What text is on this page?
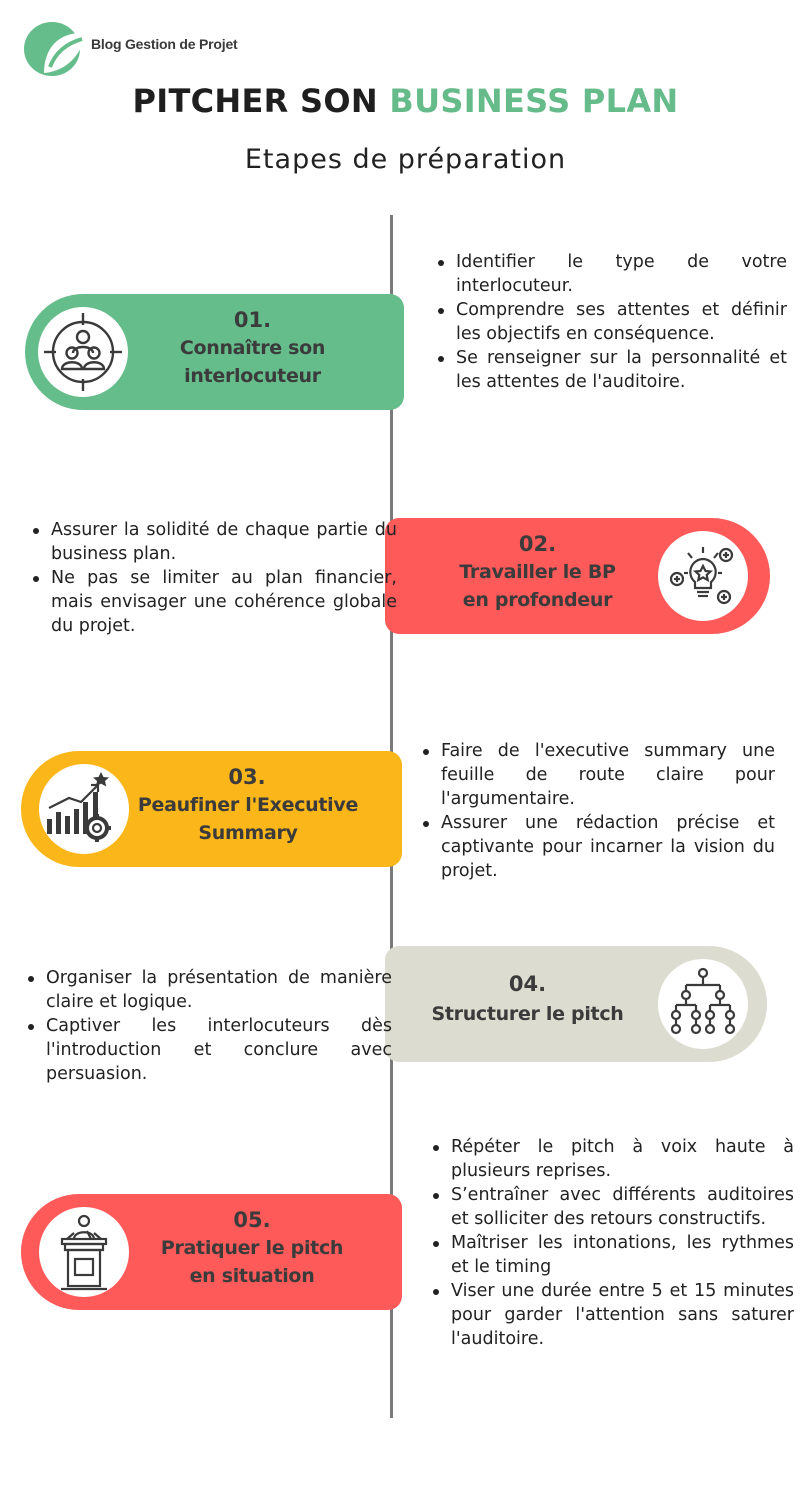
Blog Gestion de Projet
PITCHER SON BUSINESS PLAN
Etapes de préparation
01.
Connaître son
interlocuteur
Identifier le type de votre interlocuteur.
Comprendre ses attentes et définir les objectifs en conséquence.
Se renseigner sur la personnalité et les attentes de l'auditoire.
02.
Travailler le BP
en profondeur
Assurer la solidité de chaque partie du business plan.
Ne pas se limiter au plan financier, mais envisager une cohérence globale du projet.
03.
Peaufiner l'Executive
Summary
Faire de l'executive summary une feuille de route claire pour l'argumentaire.
Assurer une rédaction précise et captivante pour incarner la vision du projet.
04.
Structurer le pitch
Organiser la présentation de manière claire et logique.
Captiver les interlocuteurs dès l'introduction et conclure avec persuasion.
05.
Pratiquer le pitch
en situation
Répéter le pitch à voix haute à plusieurs reprises.
S’entraîner avec différents auditoires et solliciter des retours constructifs.
Maîtriser les intonations, les rythmes et le timing
Viser une durée entre 5 et 15 minutes pour garder l'attention sans saturer l'auditoire.
